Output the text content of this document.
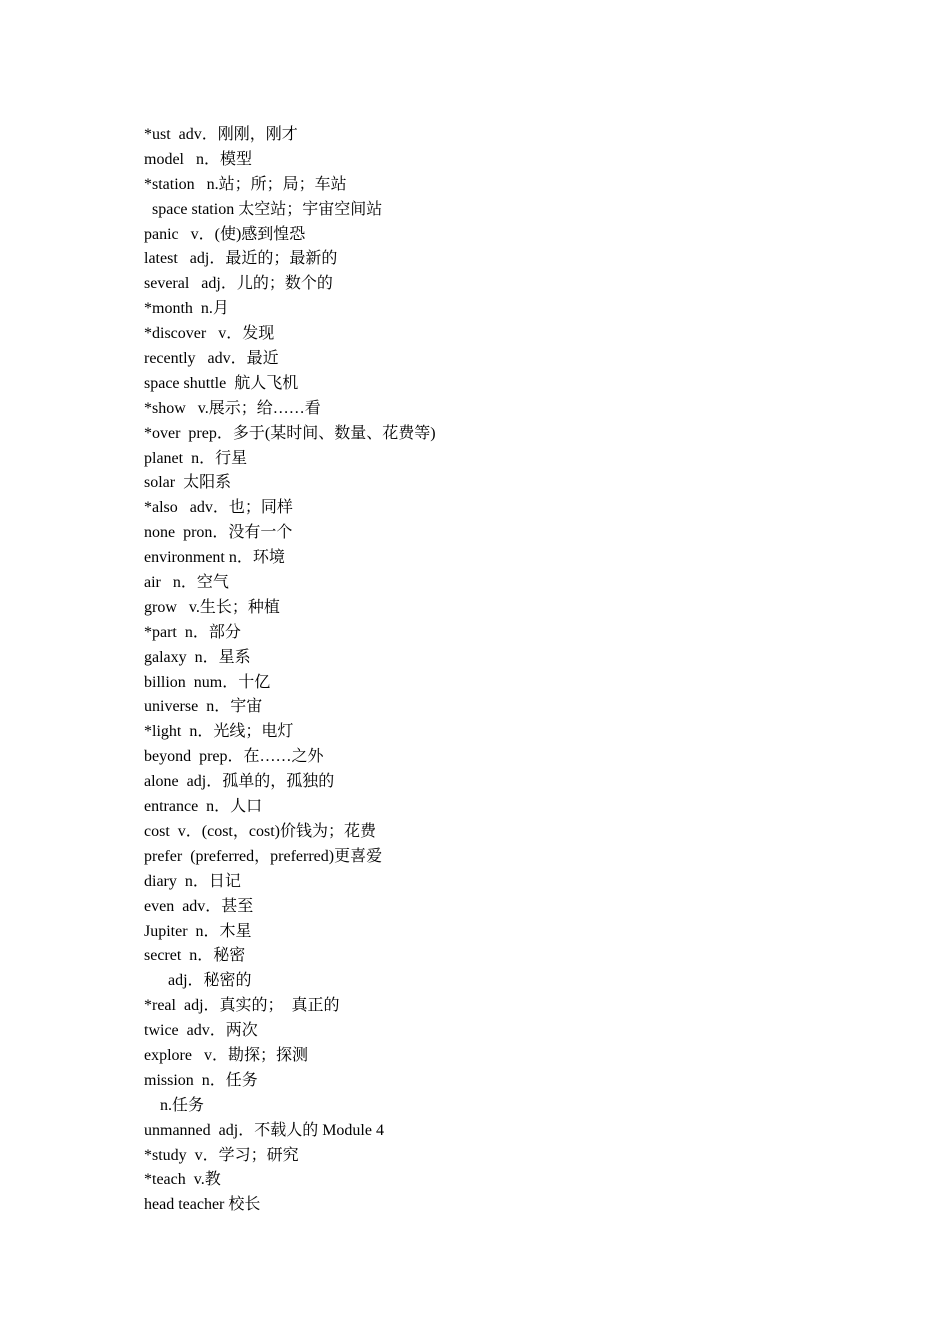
*ust  adv．刚刚，刚才
model   n．模型
*station   n.站；所；局；车站
space station 太空站；宇宙空间站
panic   v．(使)感到惶恐
latest   adj．最近的；最新的
several   adj．儿的；数个的
*month  n.月
*discover   v．发现
recently   adv．最近
space shuttle  航人飞机
*show   v.展示；给……看
*over  prep．多于(某时间、数量、花费等)
planet  n．行星
solar  太阳系
*also   adv．也；同样
none  pron．没有一个
environment n．环境
air   n．空气
grow   v.生长；种植
*part  n．部分
galaxy  n．星系
billion  num．十亿
universe  n．宇宙
*light  n．光线；电灯
beyond  prep．在……之外
alone  adj．孤单的，孤独的
entrance  n．人口
cost  v．(cost，cost)价钱为；花费
prefer  (preferred，preferred)更喜爱
diary  n．日记
even  adv．甚至
Jupiter  n．木星
secret  n．秘密
adj．秘密的
*real  adj．真实的；  真正的
twice  adv．两次
explore   v．勘探；探测
mission  n．任务
n.任务
unmanned  adj．不载人的 Module 4
*study  v．学习；研究
*teach  v.教
head teacher 校长
